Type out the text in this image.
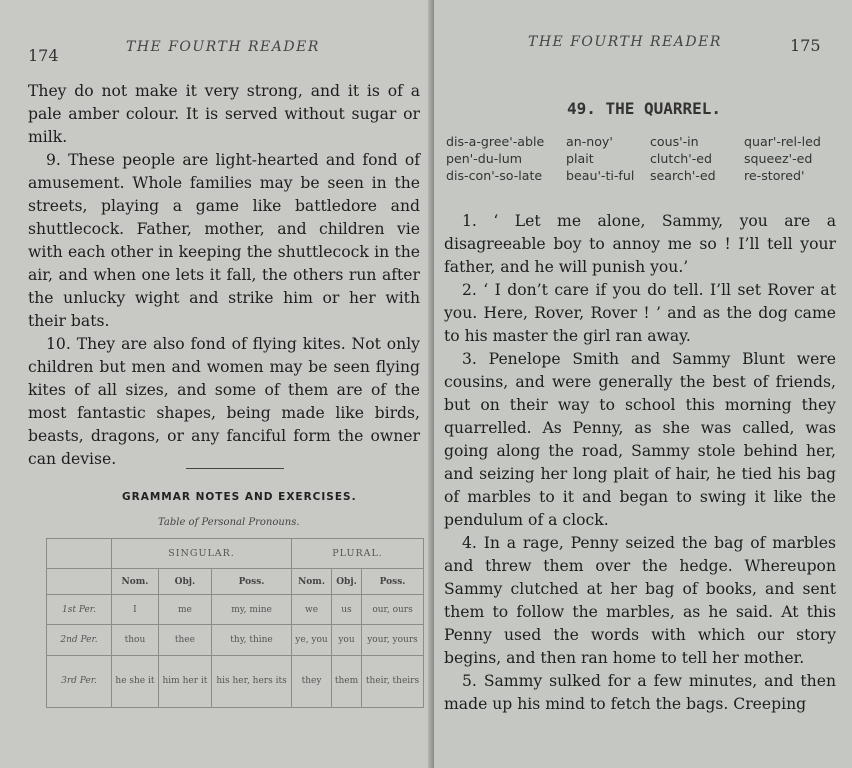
174	THE FOURTH READER

They do not make it very strong, and it is of a pale amber colour. It is served without sugar or milk.

9. These people are light-hearted and fond of amusement. Whole families may be seen in the streets, playing a game like battledore and shuttlecock. Father, mother, and children vie with each other in keeping the shuttlecock in the air, and when one lets it fall, the others run after the unlucky wight and strike him or her with their bats.

10. They are also fond of flying kites. Not only children but men and women may be seen flying kites of all sizes, and some of them are of the most fantastic shapes, being made like birds, beasts, dragons, or any fanciful form the owner can devise.

GRAMMAR NOTES AND EXERCISES.
Table of Personal Pronouns.
	SINGULAR.			PLURAL.		
	Nom.	Obj.	Poss.	Nom.	Obj.	Poss.
1st Per.	I	me	my, mine	we	us	our, ours
2nd Per.	thou	thee	thy, thine	ye, you	you	your, yours
3rd Per.	he she it	him her it	his her, hers its	they	them	their, theirs
THE FOURTH READER	175
49. THE QUARREL.
dis-a-gree'-able	an-noy'	cous'-in	quar'-rel-led
pen'-du-lum	plait	clutch'-ed	squeez'-ed
dis-con'-so-late	beau'-ti-ful	search'-ed	re-stored'

1. ‘ Let me alone, Sammy, you are a disagreeable boy to annoy me so ! I’ll tell your father, and he will punish you.’

2. ‘ I don’t care if you do tell. I’ll set Rover at you. Here, Rover, Rover ! ’ and as the dog came to his master the girl ran away.

3. Penelope Smith and Sammy Blunt were cousins, and were generally the best of friends, but on their way to school this morning they quarrelled. As Penny, as she was called, was going along the road, Sammy stole behind her, and seizing her long plait of hair, he tied his bag of marbles to it and began to swing it like the pendulum of a clock.

4. In a rage, Penny seized the bag of marbles and threw them over the hedge. Whereupon Sammy clutched at her bag of books, and sent them to follow the marbles, as he said. At this Penny used the words with which our story begins, and then ran home to tell her mother.

5. Sammy sulked for a few minutes, and then made up his mind to fetch the bags. Creeping
